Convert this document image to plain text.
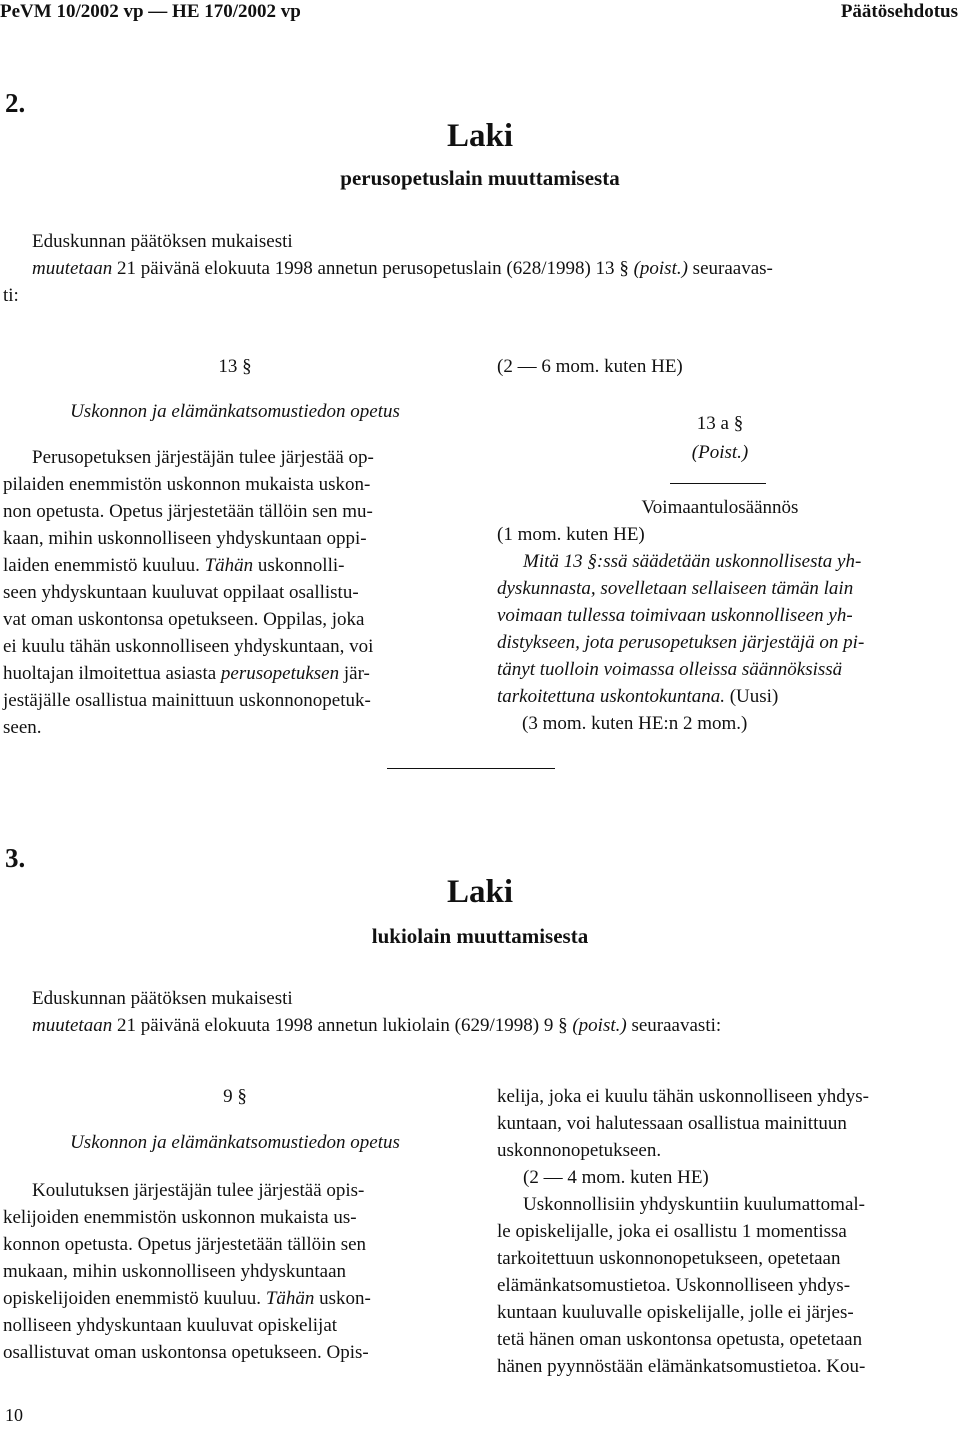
PeVM 10/2002 vp — HE 170/2002 vp	Päätösehdotus
2.
Laki
perusopetuslain muuttamisesta
Eduskunnan päätöksen mukaisesti
muutetaan 21 päivänä elokuuta 1998 annetun perusopetuslain (628/1998) 13 § (poist.) seuraavas-
ti:
13 §
Uskonnon ja elämänkatsomustiedon opetus

Perusopetuksen järjestäjän tulee järjestää op-

pilaiden enemmistön uskonnon mukaista uskon-

non opetusta. Opetus järjestetään tällöin sen mu-

kaan, mihin uskonnolliseen yhdyskuntaan oppi-

laiden enemmistö kuuluu. Tähän uskonnolli-

seen yhdyskuntaan kuuluvat oppilaat osallistu-

vat oman uskontonsa opetukseen. Oppilas, joka

ei kuulu tähän uskonnolliseen yhdyskuntaan, voi

huoltajan ilmoitettua asiasta perusopetuksen jär-

jestäjälle osallistua mainittuun uskonnonopetuk-

seen.

(2 — 6 mom. kuten HE)
13 a §
(Poist.)
Voimaantulosäännös
(1 mom. kuten HE)

Mitä 13 §:ssä säädetään uskonnollisesta yh-

dyskunnasta, sovelletaan sellaiseen tämän lain

voimaan tullessa toimivaan uskonnolliseen yh-

distykseen, jota perusopetuksen järjestäjä on pi-

tänyt tuolloin voimassa olleissa säännöksissä

tarkoitettuna uskontokuntana. (Uusi)

(3 mom. kuten HE:n 2 mom.)
3.
Laki
lukiolain muuttamisesta
Eduskunnan päätöksen mukaisesti
muutetaan 21 päivänä elokuuta 1998 annetun lukiolain (629/1998) 9 § (poist.) seuraavasti:
9 §
Uskonnon ja elämänkatsomustiedon opetus

Koulutuksen järjestäjän tulee järjestää opis-

kelijoiden enemmistön uskonnon mukaista us-

konnon opetusta. Opetus järjestetään tällöin sen

mukaan, mihin uskonnolliseen yhdyskuntaan

opiskelijoiden enemmistö kuuluu. Tähän uskon-

nolliseen yhdyskuntaan kuuluvat opiskelijat

osallistuvat oman uskontonsa opetukseen. Opis-

kelija, joka ei kuulu tähän uskonnolliseen yhdys-

kuntaan, voi halutessaan osallistua mainittuun

uskonnonopetukseen.

(2 — 4 mom. kuten HE)

Uskonnollisiin yhdyskuntiin kuulumattomal-

le opiskelijalle, joka ei osallistu 1 momentissa

tarkoitettuun uskonnonopetukseen, opetetaan

elämänkatsomustietoa. Uskonnolliseen yhdys-

kuntaan kuuluvalle opiskelijalle, jolle ei järjes-

tetä hänen oman uskontonsa opetusta, opetetaan

hänen pyynnöstään elämänkatsomustietoa. Kou-

10
